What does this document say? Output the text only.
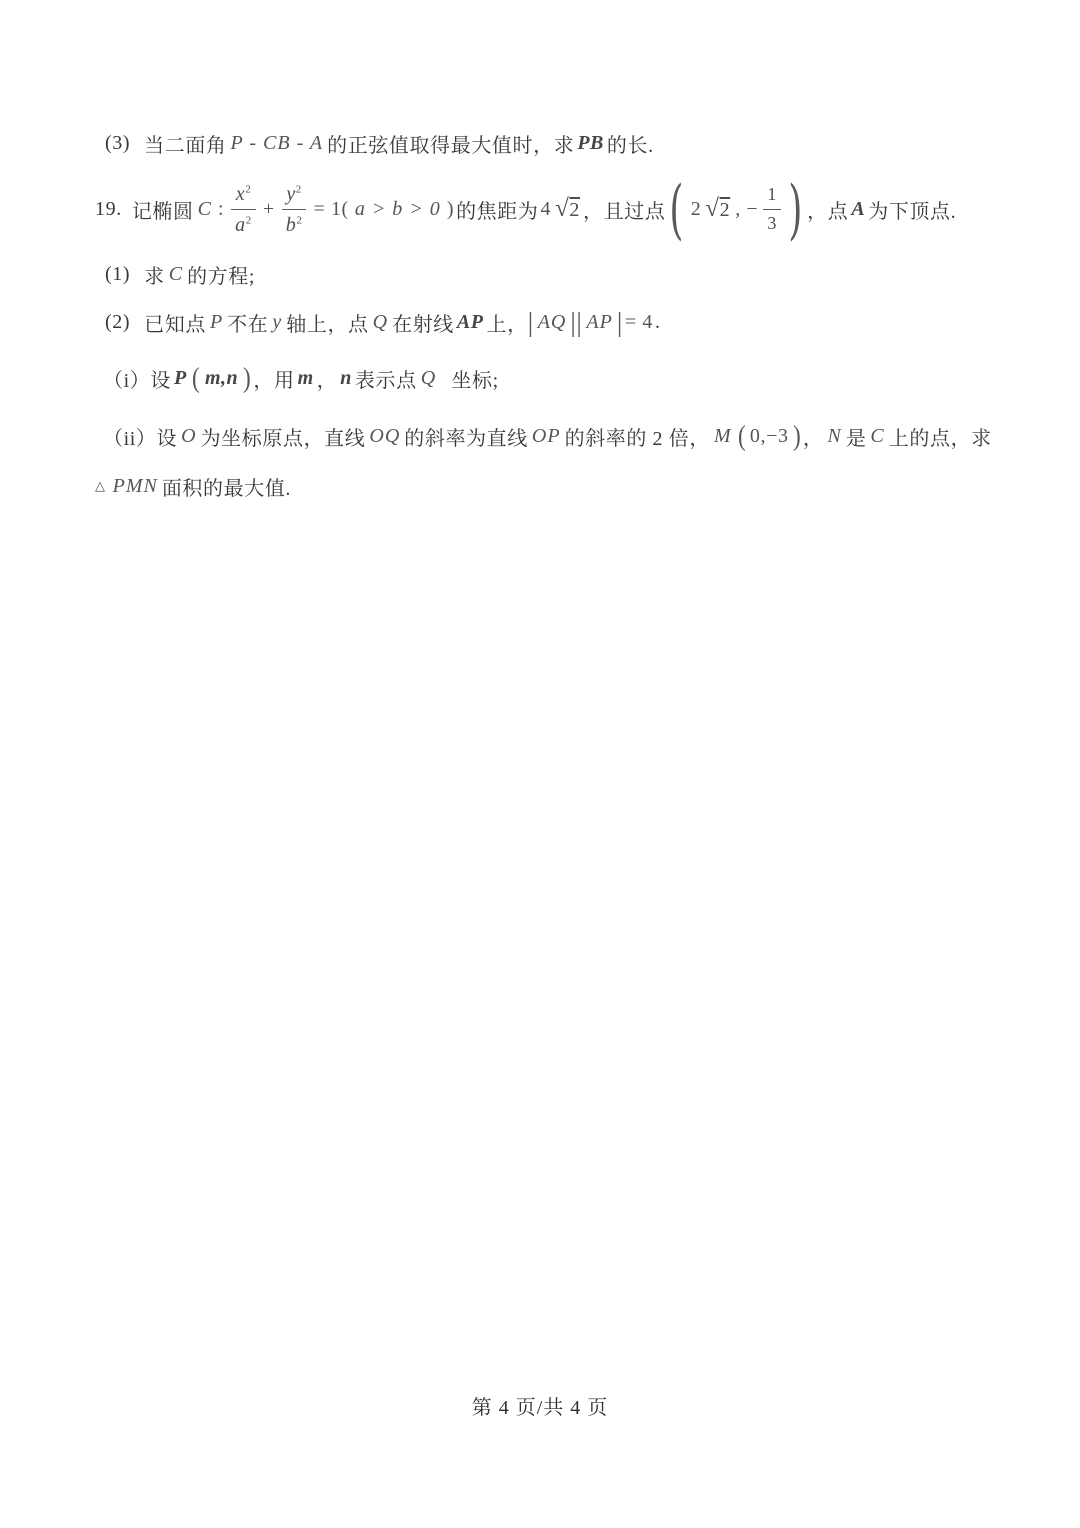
(3) 当二面角 P - CB - A 的正弦值取得最大值时，求 PB 的长.
19. 记椭圆 C : $\frac{x^2}{a^2} + \frac{y^2}{b^2} = 1$( a > b > 0 ) 的焦距为 4 √ 2 ， 且过点 ( 2 √ 2 , − $\frac{1}{3}$ ) ， 点 A 为下顶点.
(1) 求 C 的方程;
(2) 已知点 P 不在 y 轴上，点 Q 在射线 AP 上， | AQ || AP | = 4 .
（i） 设 P ( m,n ) ，用 m ， n 表示点 Q 坐标;
（ii） 设 O 为坐标原点，直线 OQ 的斜率为直线 OP 的斜率的 2 倍， M ( 0,−3 ) ， N 是 C 上的点，求
△ PMN 面积的最大值.
第 4 页/共 4 页
